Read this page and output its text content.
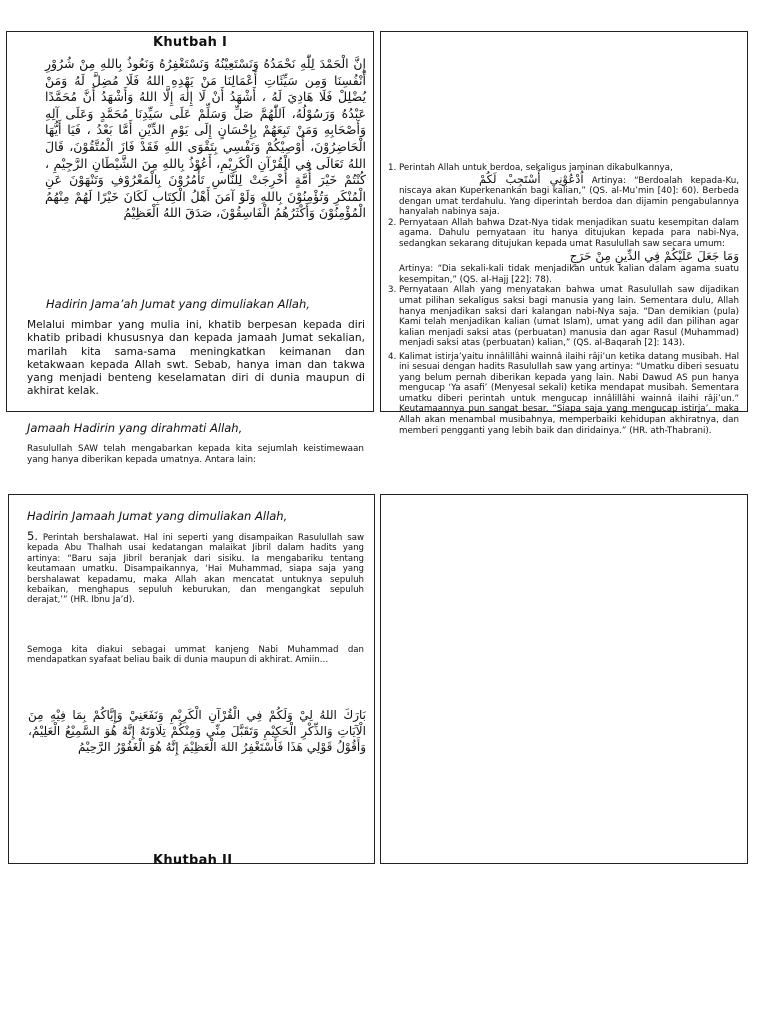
Khutbah I
إِنَّ الْحَمْدَ لِلّٰهِ نَحْمَدُهُ وَنَسْتَعِيْنُهُ وَنَسْتَغْفِرُهُ وَنَعُوذُ بِاللهِ مِنْ شُرُوْرِ أَنْفُسِنَا وَمِن سَيِّئَاتِ أَعْمَالِنَا مَنْ يَهْدِهِ اللهُ فَلَا مُضِلَّ لَهُ وَمَنْ يُضْلِلْ فَلَا هَادِيَ لَهُ ، أَشْهَدُ أَنْ لَا إِلٰهَ إِلَّا اللهُ وَأَشْهَدُ أَنَّ مُحَمَّدًا عَبْدُهُ وَرَسُوْلُهُ، اَللّٰهُمَّ صَلِّ وَسَلِّمْ عَلَى سَيِّدِنَا مُحَمَّدٍ وَعَلَى آلِهِ وَأَصْحَابِهِ وَمَنْ تَبِعَهُمْ بِإِحْسَانٍ إِلَى يَوْمِ الدِّيْنِ أَمَّا بَعْدُ ، فَيَا أَيُّهَا الْحَاضِرُوْنَ، أُوْصِيْكُمْ وَنَفْسِي بِتَقْوَى اللهِ فَقَدْ فَازَ الْمُتَّقُوْنَ، قَالَ اللهُ تَعَالَى فِي الْقُرْآنِ الْكَرِيْمِ، أَعُوْذُ بِاللهِ مِنَ الشَّيْطَانِ الرَّجِيْمِ ، كُنْتُمْ خَيْرَ أُمَّةٍ أُخْرِجَتْ لِلنَّاسِ تَأْمُرُوْنَ بِالْمَعْرُوْفِ وَتَنْهَوْنَ عَنِ الْمُنْكَرِ وَتُؤْمِنُوْنَ بِاللهِ وَلَوْ آمَنَ أَهْلُ الْكِتَابِ لَكَانَ خَيْرًا لَهُمْ مِنْهُمُ الْمُؤْمِنُوْنَ وَأَكْثَرُهُمُ الْفَاسِقُوْنَ، صَدَقَ اللهُ الْعَظِيْمُ
Hadirin Jama’ah Jumat yang dimuliakan Allah,
Melalui mimbar yang mulia ini, khatib berpesan kepada diri khatib pribadi khususnya dan kepada jamaah Jumat sekalian, marilah kita sama-sama meningkatkan keimanan dan ketakwaan kepada Allah swt. Sebab, hanya iman dan takwa yang menjadi benteng keselamatan diri di dunia maupun di akhirat kelak.
Jamaah Hadirin yang dirahmati Allah,
Rasulullah SAW telah mengabarkan kepada kita sejumlah keistimewaan yang hanya diberikan kepada umatnya. Antara lain:
1. Perintah Allah untuk berdoa, sekaligus jaminan dikabulkannya,
اُدْعُوْنِي أَسْتَجِبْ لَكُمْ Artinya: “Berdoalah kepada-Ku, niscaya akan Kuperkenankan bagi kalian,” (QS. al-Mu’min [40]: 60). Berbeda dengan umat terdahulu. Yang diperintah berdoa dan dijamin pengabulannya hanyalah nabinya saja.
2. Pernyataan Allah bahwa Dzat-Nya tidak menjadikan suatu kesempitan dalam agama. Dahulu pernyataan itu hanya ditujukan kepada para nabi-Nya, sedangkan sekarang ditujukan kepada umat Rasulullah saw secara umum:
وَمَا جَعَلَ عَلَيْكُمْ فِي الدِّينِ مِنْ حَرَجٍ
Artinya: “Dia sekali-kali tidak menjadikan untuk kalian dalam agama suatu kesempitan,” (QS. al-Hajj [22]: 78).
3. Pernyataan Allah yang menyatakan bahwa umat Rasulullah saw dijadikan umat pilihan sekaligus saksi bagi manusia yang lain. Sementara dulu, Allah hanya menjadikan saksi dari kalangan nabi-Nya saja. “Dan demikian (pula) Kami telah menjadikan kalian (umat Islam), umat yang adil dan pilihan agar kalian menjadi saksi atas (perbuatan) manusia dan agar Rasul (Muhammad) menjadi saksi atas (perbuatan) kalian,” (QS. al-Baqarah [2]: 143).
4. Kalimat istirja’yaitu innâlillâhi wainnâ ilaihi râji’un ketika datang musibah. Hal ini sesuai dengan hadits Rasulullah saw yang artinya: “Umatku diberi sesuatu yang belum pernah diberikan kepada yang lain. Nabi Dawud AS pun hanya mengucap ‘Ya asafi’ (Menyesal sekali) ketika mendapat musibah. Sementara umatku diberi perintah untuk mengucap innâlillâhi wainnâ ilaihi râji’un.” Keutamaannya pun sangat besar. “Siapa saja yang mengucap istirja’, maka Allah akan menambal musibahnya, memperbaiki kehidupan akhiratnya, dan memberi pengganti yang lebih baik dan diridainya.” (HR. ath-Thabrani).
Hadirin Jamaah Jumat yang dimuliakan Allah,
5. Perintah bershalawat. Hal ini seperti yang disampaikan Rasulullah saw kepada Abu Thalhah usai kedatangan malaikat Jibril dalam hadits yang artinya: “Baru saja Jibril beranjak dari sisiku. Ia mengabariku tentang keutamaan umatku. Disampaikannya, ‘Hai Muhammad, siapa saja yang bershalawat kepadamu, maka Allah akan mencatat untuknya sepuluh kebaikan, menghapus sepuluh keburukan, dan mengangkat sepuluh derajat,’” (HR. Ibnu Ja’d).
Semoga kita diakui sebagai ummat kanjeng Nabi Muhammad dan mendapatkan syafaat beliau baik di dunia maupun di akhirat. Amiin…
بَارَكَ اللهُ لِيْ وَلَكُمْ فِي الْقُرْآنِ الْكَرِيْمِ وَنَفَعَنِيْ وَإِيَّاكُمْ بِمَا فِيْهِ مِنَ الْآيَاتِ وَالذِّكْرِ الْحَكِيْمِ وَتَقَبَّلَ مِنِّي وَمِنْكُمْ تِلَاوَتَهُ إِنَّهُ هُوَ السَّمِيْعُ الْعَلِيْمُ، وَأَقُوْلُ قَوْلِي هَذَا فَأَسْتَغْفِرُ اللهَ الْعَظِيْمَ إِنَّهُ هُوَ الْغَفُوْرُ الرَّحِيْمُ
Khutbah II
